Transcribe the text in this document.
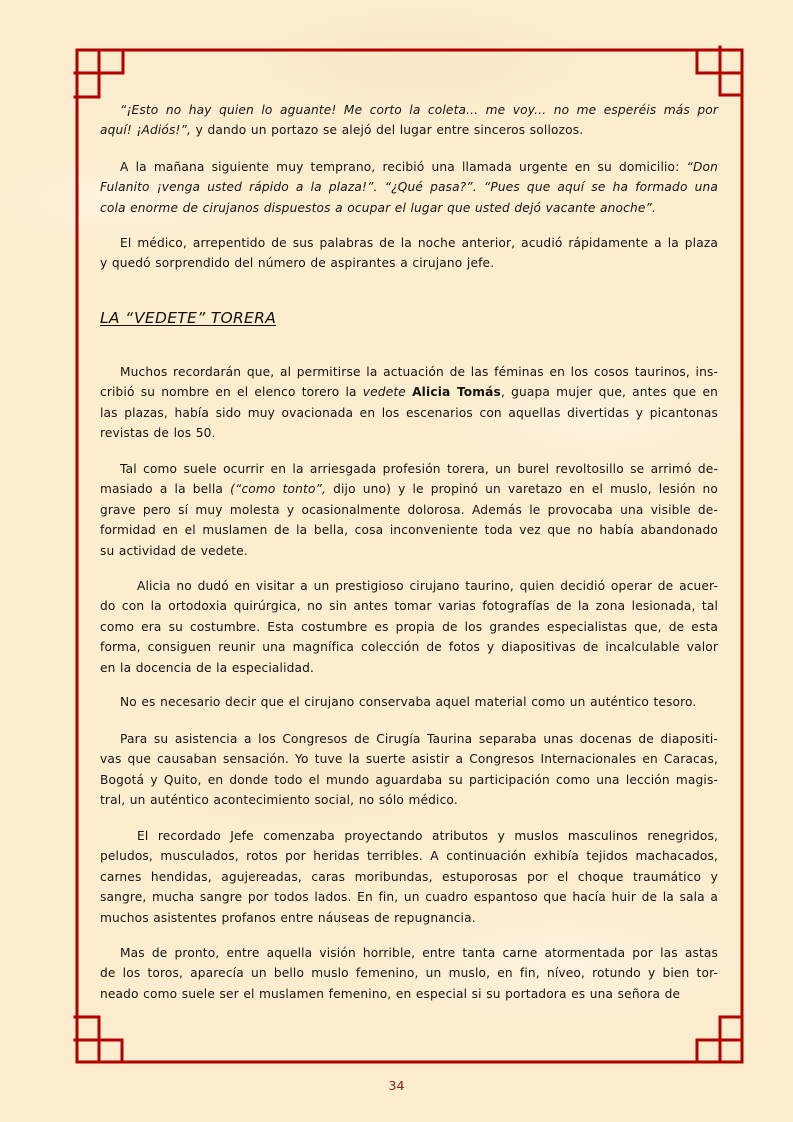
“¡Esto no hay quien lo aguante! Me corto la coleta... me voy... no me esperéis más por
aquí! ¡Adiós!”, y dando un portazo se alejó del lugar entre sinceros sollozos.
A la mañana siguiente muy temprano, recibió una llamada urgente en su domicilio: “Don
Fulanito ¡venga usted rápido a la plaza!”. “¿Qué pasa?”. “Pues que aquí se ha formado una
cola enorme de cirujanos dispuestos a ocupar el lugar que usted dejó vacante anoche”.
El médico, arrepentido de sus palabras de la noche anterior, acudió rápidamente a la plaza
y quedó sorprendido del número de aspirantes a cirujano jefe.
LA “VEDETE” TORERA
Muchos recordarán que, al permitirse la actuación de las féminas en los cosos taurinos, ins-
cribió su nombre en el elenco torero la vedete Alicia Tomás, guapa mujer que, antes que en
las plazas, había sido muy ovacionada en los escenarios con aquellas divertidas y picantonas
revistas de los 50.
Tal como suele ocurrir en la arriesgada profesión torera, un burel revoltosillo se arrimó de-
masiado a la bella (“como tonto”, dijo uno) y le propinó un varetazo en el muslo, lesión no
grave pero sí muy molesta y ocasionalmente dolorosa. Además le provocaba una visible de-
formidad en el muslamen de la bella, cosa inconveniente toda vez que no había abandonado
su actividad de vedete.
Alicia no dudó en visitar a un prestigioso cirujano taurino, quien decidió operar de acuer-
do con la ortodoxia quirúrgica, no sin antes tomar varias fotografías de la zona lesionada, tal
como era su costumbre. Esta costumbre es propia de los grandes especialistas que, de esta
forma, consiguen reunir una magnífica colección de fotos y diapositivas de incalculable valor
en la docencia de la especialidad.
No es necesario decir que el cirujano conservaba aquel material como un auténtico tesoro.
Para su asistencia a los Congresos de Cirugía Taurina separaba unas docenas de diapositi-
vas que causaban sensación. Yo tuve la suerte asistir a Congresos Internacionales en Caracas,
Bogotá y Quito, en donde todo el mundo aguardaba su participación como una lección magis-
tral, un auténtico acontecimiento social, no sólo médico.
El recordado Jefe comenzaba proyectando atributos y muslos masculinos renegridos,
peludos, musculados, rotos por heridas terribles. A continuación exhibía tejidos machacados,
carnes hendidas, agujereadas, caras moribundas, estuporosas por el choque traumático y
sangre, mucha sangre por todos lados. En fin, un cuadro espantoso que hacía huir de la sala a
muchos asistentes profanos entre náuseas de repugnancia.
Mas de pronto, entre aquella visión horrible, entre tanta carne atormentada por las astas
de los toros, aparecía un bello muslo femenino, un muslo, en fin, níveo, rotundo y bien tor-
neado como suele ser el muslamen femenino, en especial si su portadora es una señora de
34
